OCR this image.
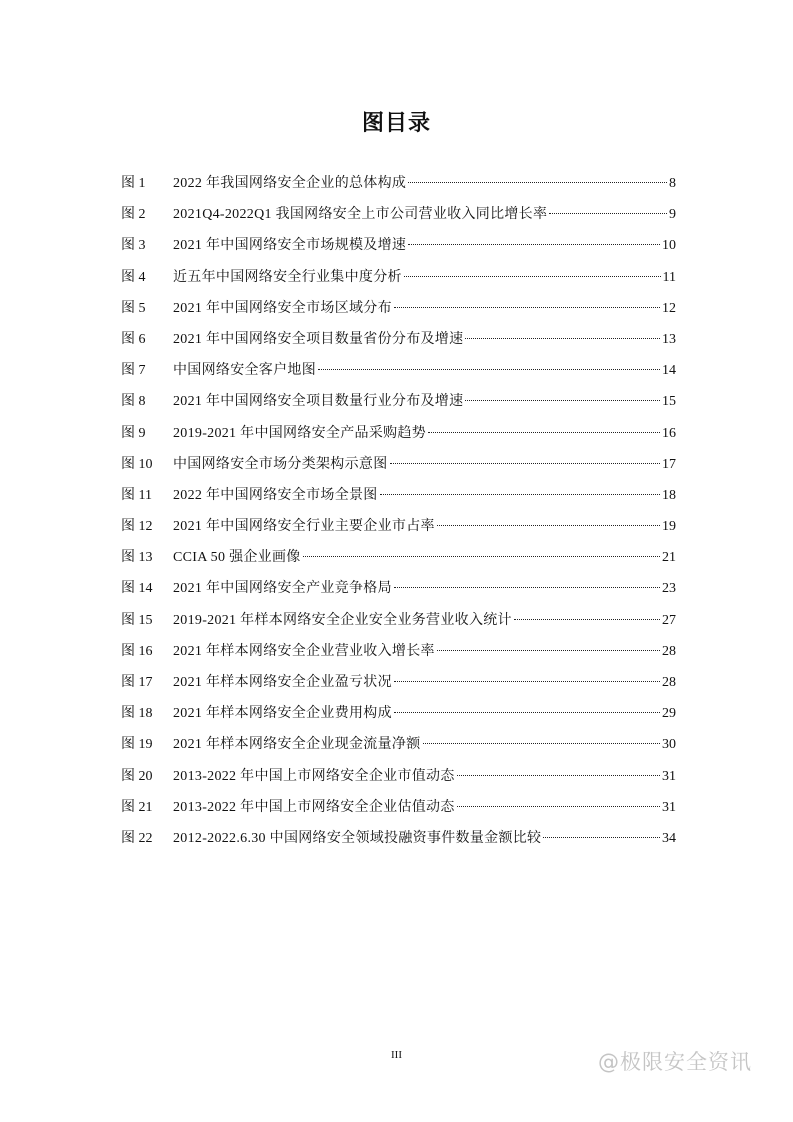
图目录
图 1	2022 年我国网络安全企业的总体构成	8
图 2	2021Q4-2022Q1 我国网络安全上市公司营业收入同比增长率	9
图 3	2021 年中国网络安全市场规模及增速	10
图 4	近五年中国网络安全行业集中度分析	11
图 5	2021 年中国网络安全市场区域分布	12
图 6	2021 年中国网络安全项目数量省份分布及增速	13
图 7	中国网络安全客户地图	14
图 8	2021 年中国网络安全项目数量行业分布及增速	15
图 9	2019-2021 年中国网络安全产品采购趋势	16
图 10	中国网络安全市场分类架构示意图	17
图 11	2022 年中国网络安全市场全景图	18
图 12	2021 年中国网络安全行业主要企业市占率	19
图 13	CCIA 50 强企业画像	21
图 14	2021 年中国网络安全产业竞争格局	23
图 15	2019-2021 年样本网络安全企业安全业务营业收入统计	27
图 16	2021 年样本网络安全企业营业收入增长率	28
图 17	2021 年样本网络安全企业盈亏状况	28
图 18	2021 年样本网络安全企业费用构成	29
图 19	2021 年样本网络安全企业现金流量净额	30
图 20	2013-2022 年中国上市网络安全企业市值动态	31
图 21	2013-2022 年中国上市网络安全企业估值动态	31
图 22	2012-2022.6.30 中国网络安全领域投融资事件数量金额比较	34
III	@极限安全资讯
